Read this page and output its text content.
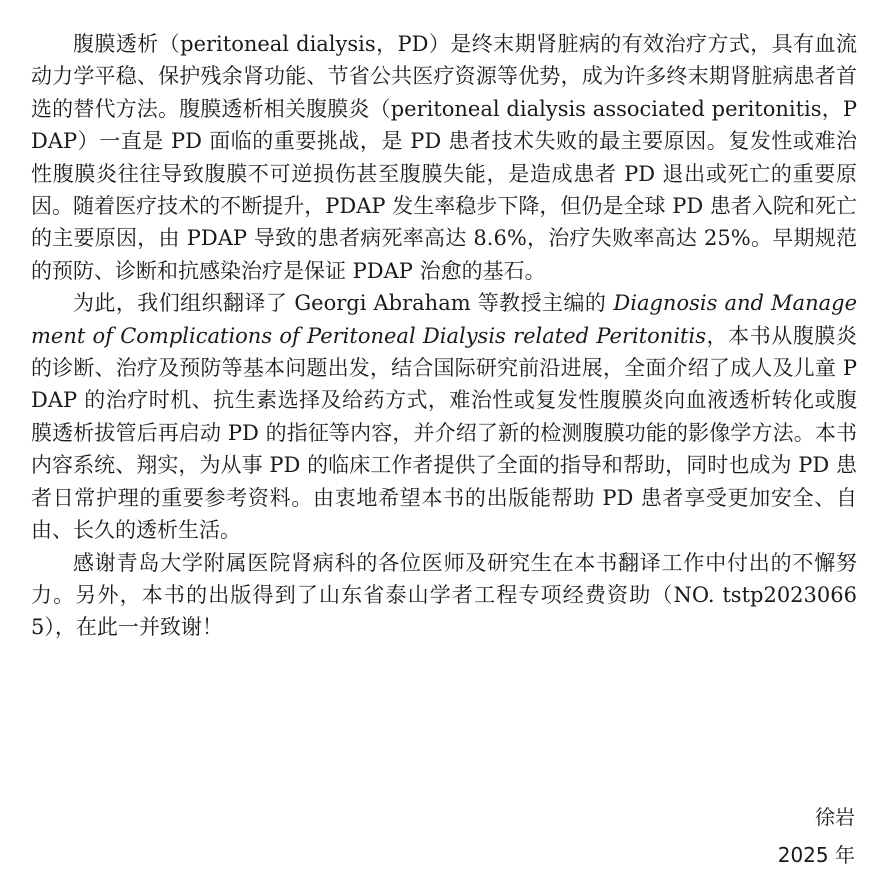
腹膜透析（peritoneal dialysis，PD）是终末期肾脏病的有效治疗方式，具有血流动力学平稳、保护残余肾功能、节省公共医疗资源等优势，成为许多终末期肾脏病患者首选的替代方法。腹膜透析相关腹膜炎（peritoneal dialysis associated peritonitis，PDAP）一直是 PD 面临的重要挑战，是 PD 患者技术失败的最主要原因。复发性或难治性腹膜炎往往导致腹膜不可逆损伤甚至腹膜失能，是造成患者 PD 退出或死亡的重要原因。随着医疗技术的不断提升，PDAP 发生率稳步下降，但仍是全球 PD 患者入院和死亡的主要原因，由 PDAP 导致的患者病死率高达 8.6%，治疗失败率高达 25%。早期规范的预防、诊断和抗感染治疗是保证 PDAP 治愈的基石。

为此，我们组织翻译了 Georgi Abraham 等教授主编的 Diagnosis and Management of Complications of Peritoneal Dialysis related Peritonitis，本书从腹膜炎的诊断、治疗及预防等基本问题出发，结合国际研究前沿进展，全面介绍了成人及儿童 PDAP 的治疗时机、抗生素选择及给药方式，难治性或复发性腹膜炎向血液透析转化或腹膜透析拔管后再启动 PD 的指征等内容，并介绍了新的检测腹膜功能的影像学方法。本书内容系统、翔实，为从事 PD 的临床工作者提供了全面的指导和帮助，同时也成为 PD 患者日常护理的重要参考资料。由衷地希望本书的出版能帮助 PD 患者享受更加安全、自由、长久的透析生活。

感谢青岛大学附属医院肾病科的各位医师及研究生在本书翻译工作中付出的不懈努力。另外，本书的出版得到了山东省泰山学者工程专项经费资助（NO. tstp20230665），在此一并致谢！

徐岩
2025 年
